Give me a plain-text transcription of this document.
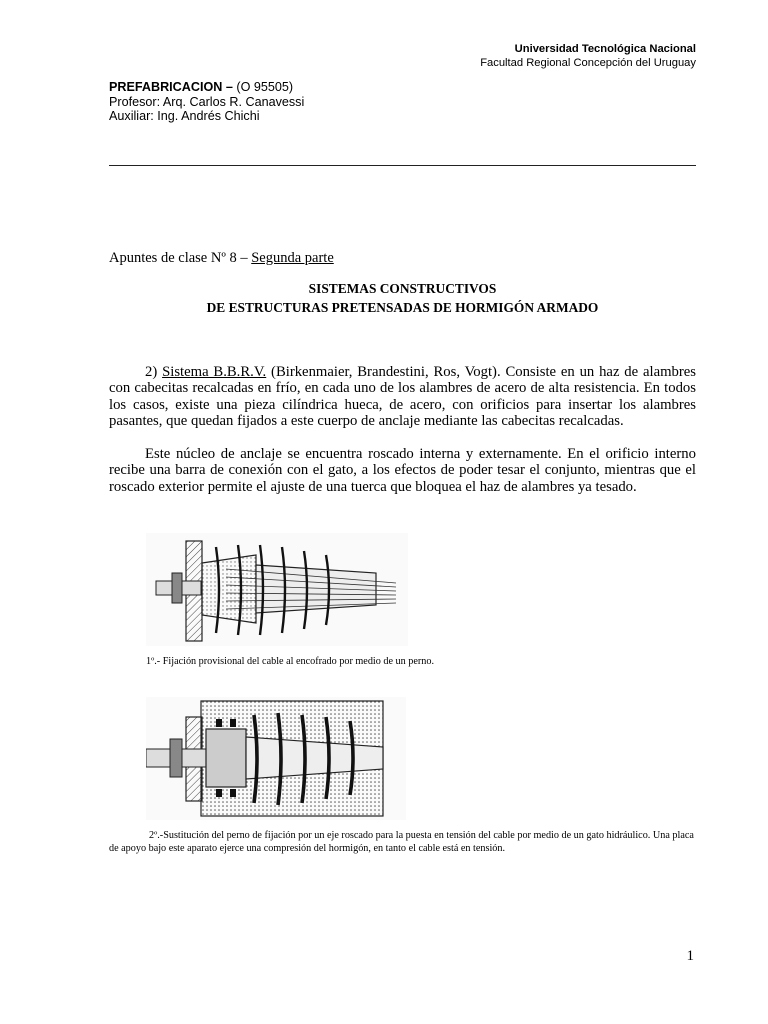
Universidad Tecnológica Nacional
Facultad Regional Concepción del Uruguay
PREFABRICACION – (O 95505)
Profesor: Arq. Carlos R. Canavessi
Auxiliar: Ing. Andrés Chichi
Apuntes de clase Nº 8 – Segunda parte
SISTEMAS CONSTRUCTIVOS
DE ESTRUCTURAS PRETENSADAS DE HORMIGÓN ARMADO
2) Sistema B.B.R.V. (Birkenmaier, Brandestini, Ros, Vogt). Consiste en un haz de alambres con cabecitas recalcadas en frío, en cada uno de los alambres de acero de alta resistencia. En todos los casos, existe una pieza cilíndrica hueca, de acero, con orificios para insertar los alambres pasantes, que quedan fijados a este cuerpo de anclaje mediante las cabecitas recalcadas.
Este núcleo de anclaje se encuentra roscado interna y externamente. En el orificio interno recibe una barra de conexión con el gato, a los efectos de poder tesar el conjunto, mientras que el roscado exterior permite el ajuste de una tuerca que bloquea el haz de alambres ya tesado.
1º.- Fijación provisional del cable al encofrado por medio de un perno.
2º.-Sustitución del perno de fijación por un eje roscado para la puesta en tensión del cable por medio de un gato hidráulico. Una placa de apoyo bajo este aparato ejerce una compresión del hormigón, en tanto el cable está en tensión.
1
